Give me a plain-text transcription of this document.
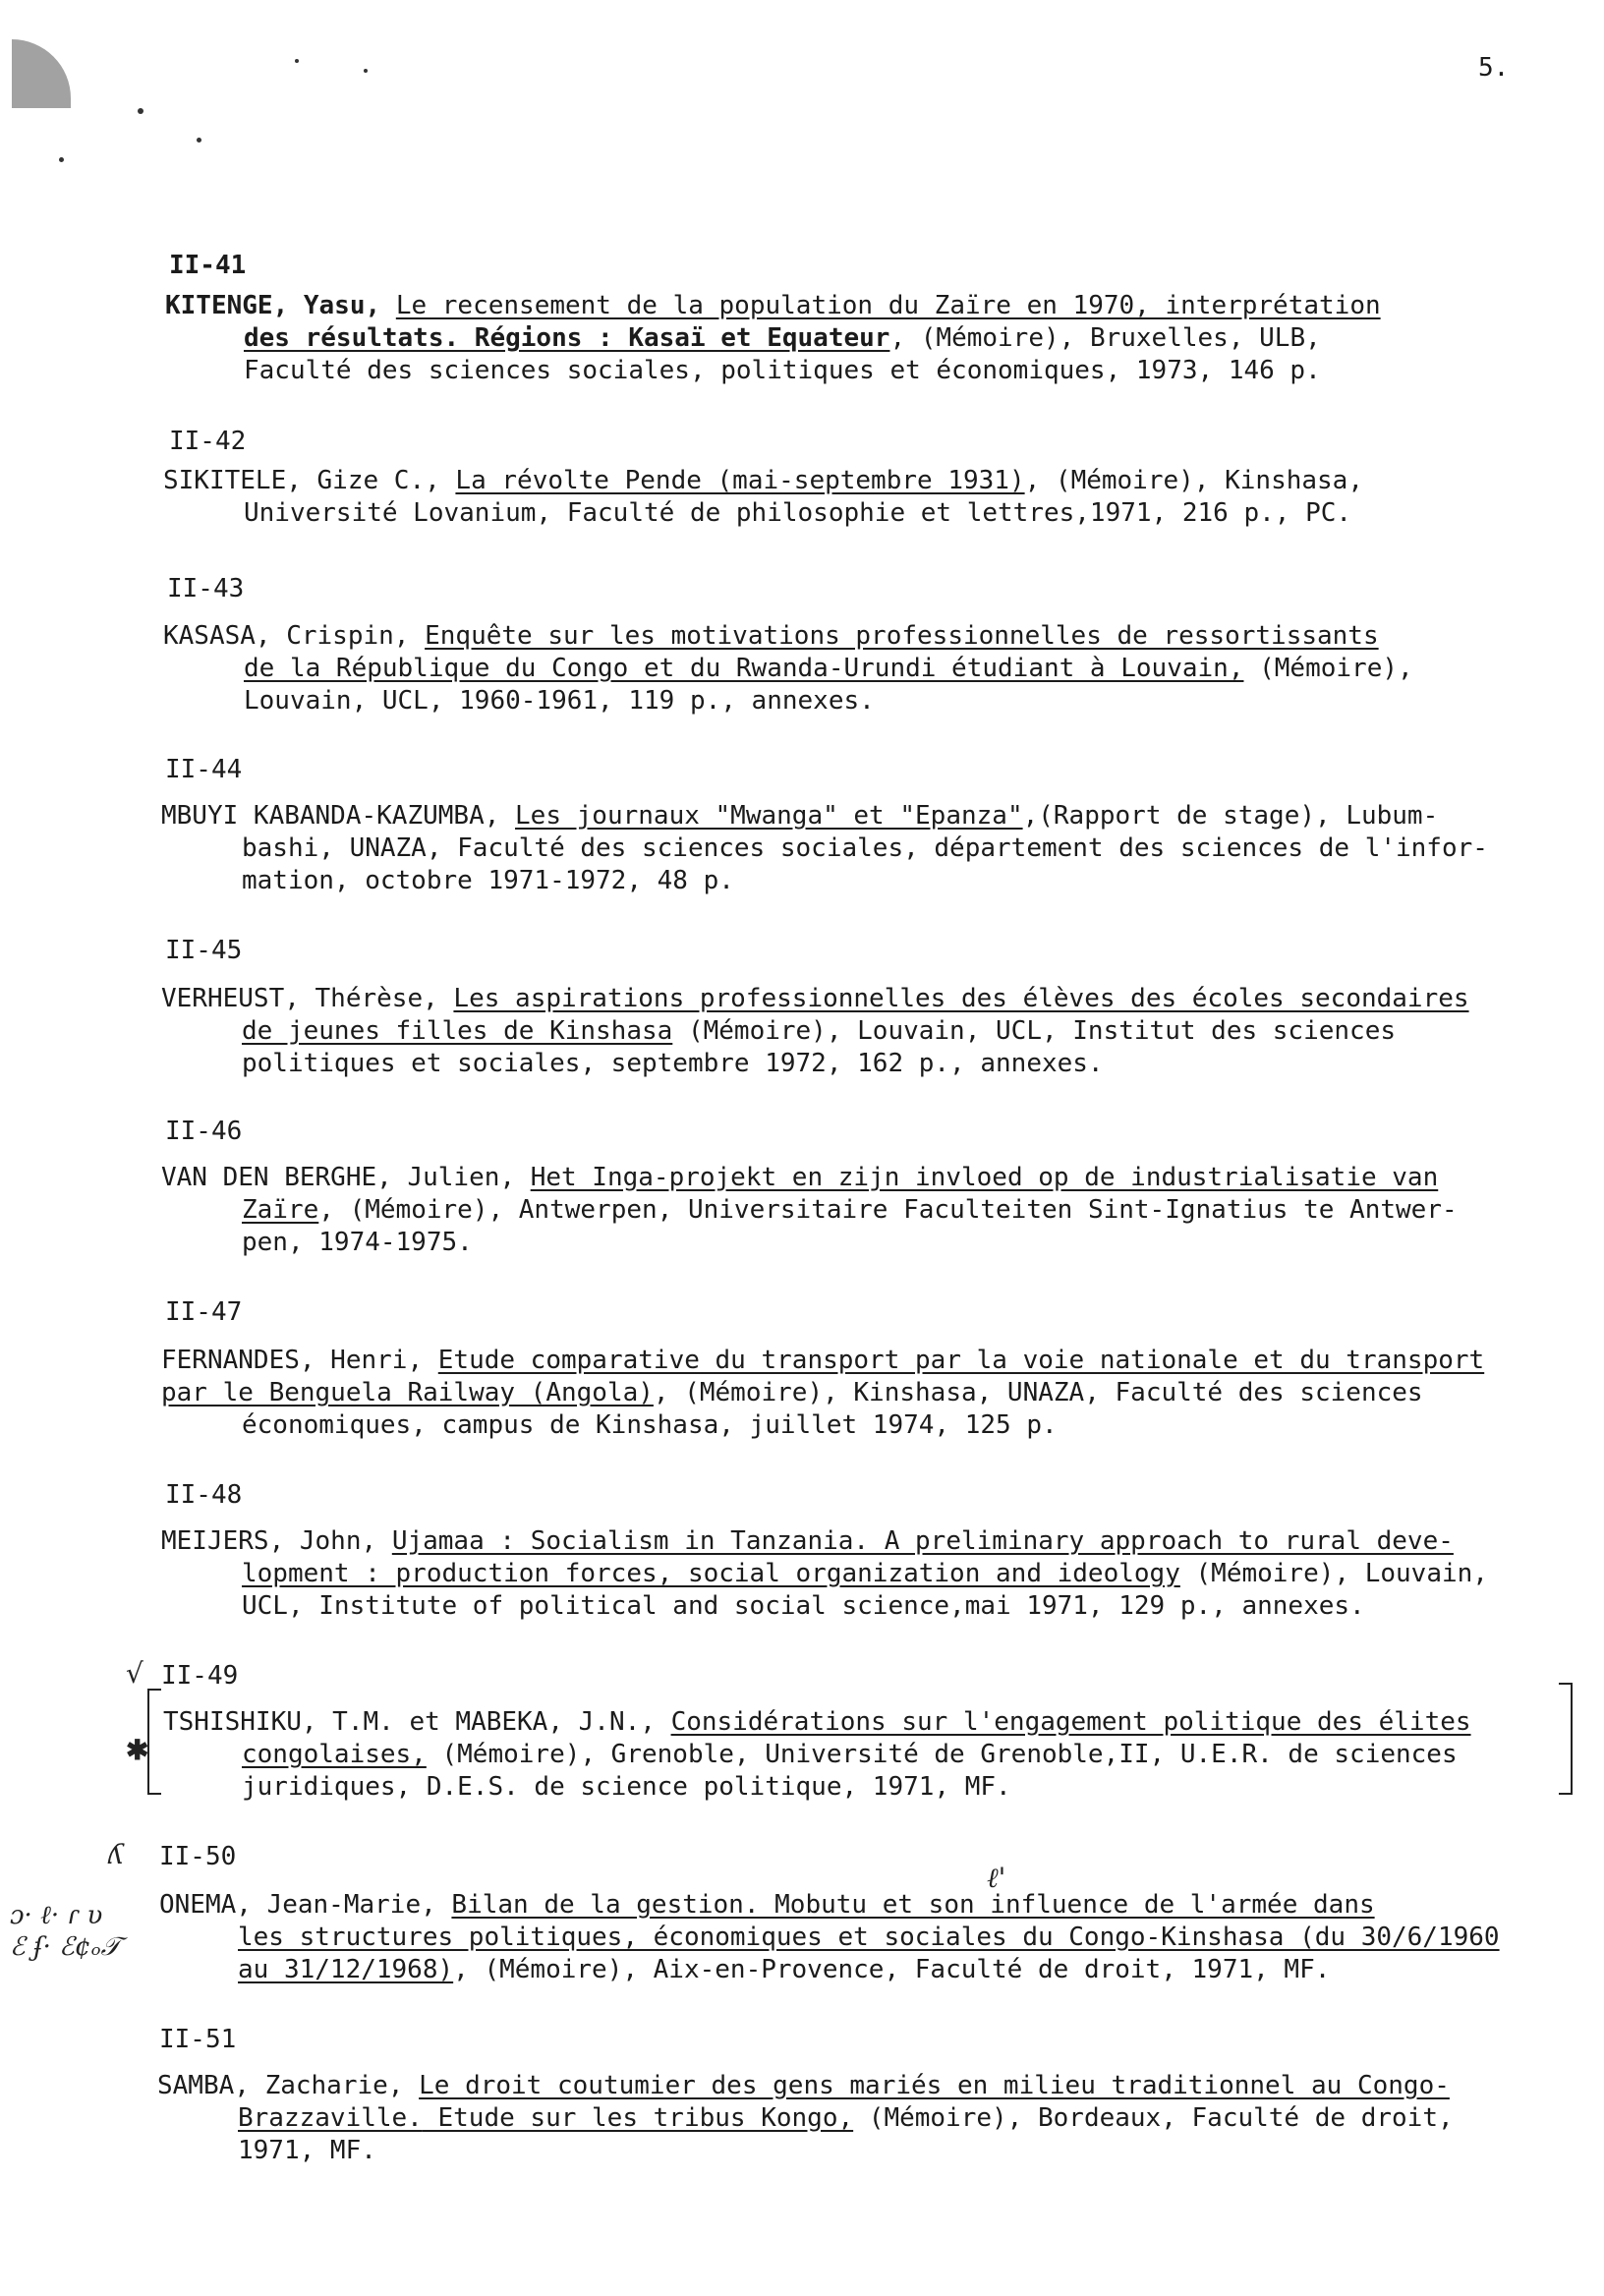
5.
II-41
KITENGE, Yasu, Le recensement de la population du Zaïre en 1970, interprétation
des résultats. Régions : Kasaï et Equateur, (Mémoire), Bruxelles, ULB,
Faculté des sciences sociales, politiques et économiques, 1973, 146 p.
II-42
SIKITELE, Gize C., La révolte Pende (mai-septembre 1931), (Mémoire), Kinshasa,
Université Lovanium, Faculté de philosophie et lettres,1971, 216 p., PC.
II-43
KASASA, Crispin, Enquête sur les motivations professionnelles de ressortissants
de la République du Congo et du Rwanda-Urundi étudiant à Louvain, (Mémoire),
Louvain, UCL, 1960-1961, 119 p., annexes.
II-44
MBUYI KABANDA-KAZUMBA, Les journaux "Mwanga" et "Epanza",(Rapport de stage), Lubum-
bashi, UNAZA, Faculté des sciences sociales, département des sciences de l'infor-
mation, octobre 1971-1972, 48 p.
II-45
VERHEUST, Thérèse, Les aspirations professionnelles des élèves des écoles secondaires
de jeunes filles de Kinshasa (Mémoire), Louvain, UCL, Institut des sciences
politiques et sociales, septembre 1972, 162 p., annexes.
II-46
VAN DEN BERGHE, Julien, Het Inga-projekt en zijn invloed op de industrialisatie van
Zaïre, (Mémoire), Antwerpen, Universitaire Faculteiten Sint-Ignatius te Antwer-
pen, 1974-1975.
II-47
FERNANDES, Henri, Etude comparative du transport par la voie nationale et du transport
par le Benguela Railway (Angola), (Mémoire), Kinshasa, UNAZA, Faculté des sciences
économiques, campus de Kinshasa, juillet 1974, 125 p.
II-48
MEIJERS, John, Ujamaa : Socialism in Tanzania. A preliminary approach to rural deve-
lopment : production forces, social organization and ideology (Mémoire), Louvain,
UCL, Institute of political and social science,mai 1971, 129 p., annexes.
√ II-49
✱
TSHISHIKU, T.M. et MABEKA, J.N., Considérations sur l'engagement politique des élites
congolaises, (Mémoire), Grenoble, Université de Grenoble,II, U.E.R. de sciences
juridiques, D.E.S. de science politique, 1971, MF.
ʎ II-50
ℓ'
ɔ· ℓ· ɾ υ
ℰ ʄ· ℰ¢ₒ𝒯
ONEMA, Jean-Marie, Bilan de la gestion. Mobutu et son influence de l'armée dans
les structures politiques, économiques et sociales du Congo-Kinshasa (du 30/6/1960
au 31/12/1968), (Mémoire), Aix-en-Provence, Faculté de droit, 1971, MF.
II-51
SAMBA, Zacharie, Le droit coutumier des gens mariés en milieu traditionnel au Congo-
Brazzaville. Etude sur les tribus Kongo, (Mémoire), Bordeaux, Faculté de droit,
1971, MF.
